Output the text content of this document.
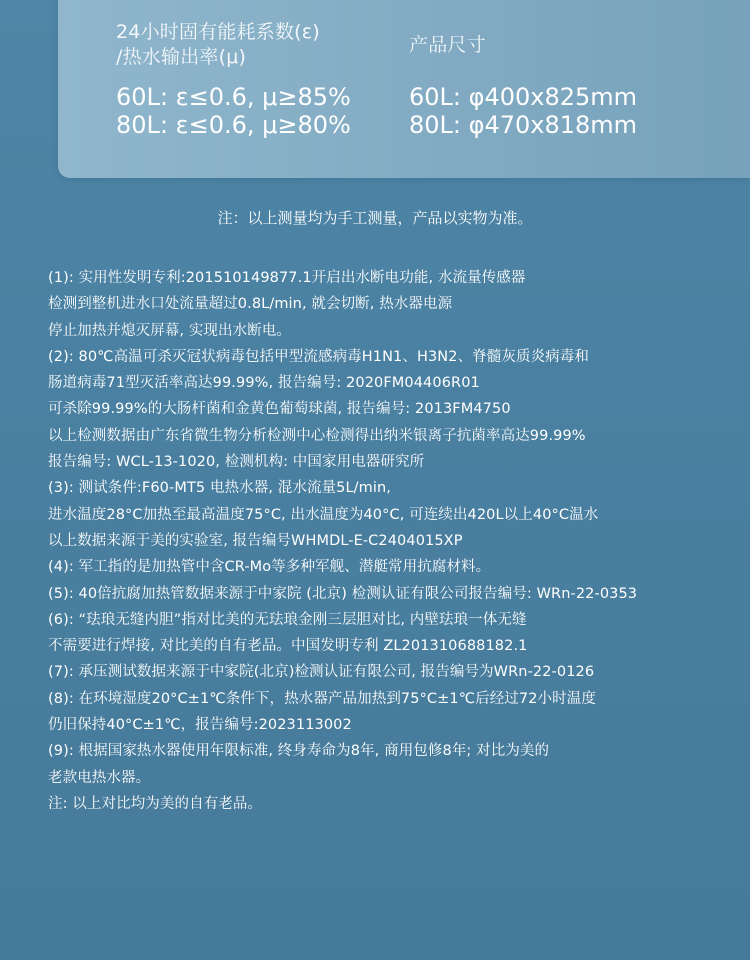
24小时固有能耗系数(ε)
/热水输出率(μ)
60L: ε≤0.6, μ≥85%
80L: ε≤0.6, μ≥80%
产品尺寸
60L: φ400x825mm
80L: φ470x818mm
注：以上测量均为手工测量，产品以实物为准。
(1): 实用性发明专利:201510149877.1开启出水断电功能, 水流量传感器
检测到整机进水口处流量超过0.8L/min, 就会切断, 热水器电源
停止加热并熄灭屏幕, 实现出水断电。
(2): 80℃高温可杀灭冠状病毒包括甲型流感病毒H1N1、H3N2、脊髓灰质炎病毒和
肠道病毒71型灭活率高达99.99%, 报告编号: 2020FM04406R01
可杀除99.99%的大肠杆菌和金黄色葡萄球菌, 报告编号: 2013FM4750
以上检测数据由广东省微生物分析检测中心检测得出纳米银离子抗菌率高达99.99%
报告编号: WCL-13-1020, 检测机构: 中国家用电器研究所
(3): 测试条件:F60-MT5 电热水器, 混水流量5L/min,
进水温度28°C加热至最高温度75°C, 出水温度为40°C, 可连续出420L以上40°C温水
以上数据来源于美的实验室, 报告编号WHMDL-E-C2404015XP
(4): 军工指的是加热管中含CR-Mo等多种军舰、潜艇常用抗腐材料。
(5): 40倍抗腐加热管数据来源于中家院 (北京) 检测认证有限公司报告编号: WRn-22-0353
(6): “珐琅无缝内胆”指对比美的无珐琅金刚三层胆对比, 内壁珐琅一体无缝
不需要进行焊接, 对比美的自有老品。中国发明专利 ZL201310688182.1
(7): 承压测试数据来源于中家院(北京)检测认证有限公司, 报告编号为WRn-22-0126
(8): 在环境湿度20°C±1℃条件下，热水器产品加热到75°C±1℃后经过72小时温度
仍旧保持40°C±1℃，报告编号:2023113002
(9): 根据国家热水器使用年限标准, 终身寿命为8年, 商用包修8年; 对比为美的
老款电热水器。
注: 以上对比均为美的自有老品。
